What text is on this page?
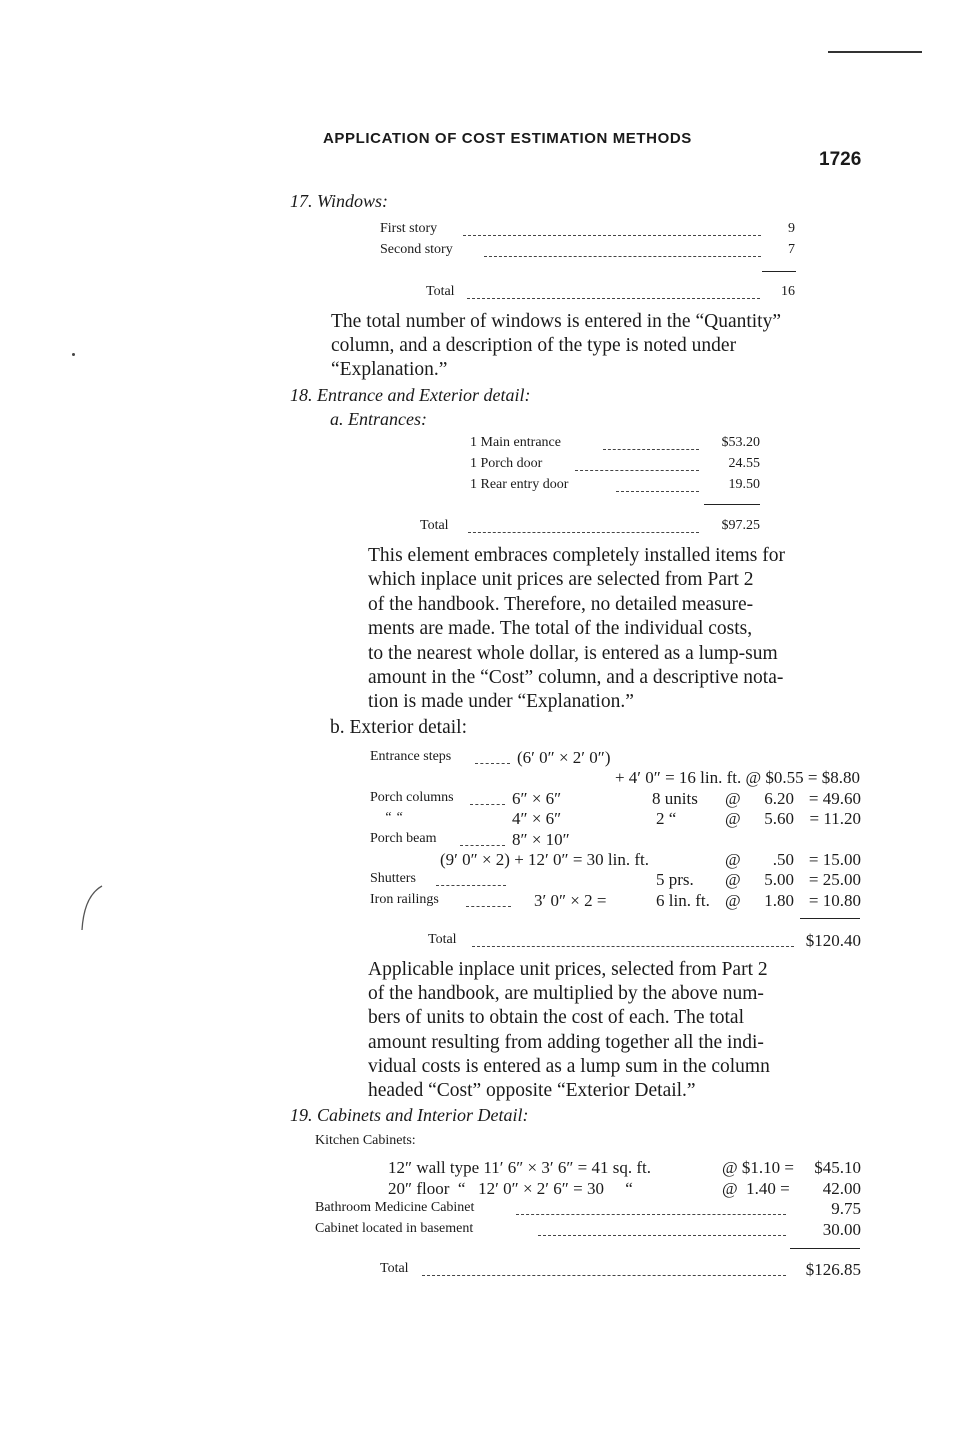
APPLICATION OF COST ESTIMATION METHODS
1726
17. Windows:
First story	9
Second story	7
Total	16
The total number of windows is entered in the “Quantity”
column, and a description of the type is noted under
“Explanation.”
18. Entrance and Exterior detail:
a. Entrances:
1 Main entrance	$53.20
1 Porch door	24.55
1 Rear entry door	19.50
Total	$97.25
This element embraces completely installed items for
which inplace unit prices are selected from Part 2
of the handbook. Therefore, no detailed measure-
ments are made. The total of the individual costs,
to the nearest whole dollar, is entered as a lump-sum
amount in the “Cost” column, and a descriptive nota-
tion is made under “Explanation.”
b. Exterior detail:
Entrance steps	(6′ 0″ × 2′ 0″)
+ 4′ 0″ = 16 lin. ft. @ $0.55 = $8.80
Porch columns	6″ × 6″	8 units @	6.20 = 49.60
“ “	4″ × 6″	2 “	@	5.60 = 11.20
Porch beam	8″ × 10″
(9′ 0″ × 2) + 12′ 0″ = 30 lin. ft.	@	.50 = 15.00
Shutters	5 prs. @	5.00 = 25.00
Iron railings	3′ 0″ × 2 =	6 lin. ft. @	1.80 = 10.80
Total	$120.40
Applicable inplace unit prices, selected from Part 2
of the handbook, are multiplied by the above num-
bers of units to obtain the cost of each. The total
amount resulting from adding together all the indi-
vidual costs is entered as a lump sum in the column
headed “Cost” opposite “Exterior Detail.”
19. Cabinets and Interior Detail:
Kitchen Cabinets:
12″ wall type 11′ 6″ × 3′ 6″ = 41 sq. ft.	@ $1.10 =	$45.10
20″ floor  “   12′ 0″ × 2′ 6″ = 30     “	@  1.40 =	42.00
Bathroom Medicine Cabinet	9.75
Cabinet located in basement	30.00
Total	$126.85
